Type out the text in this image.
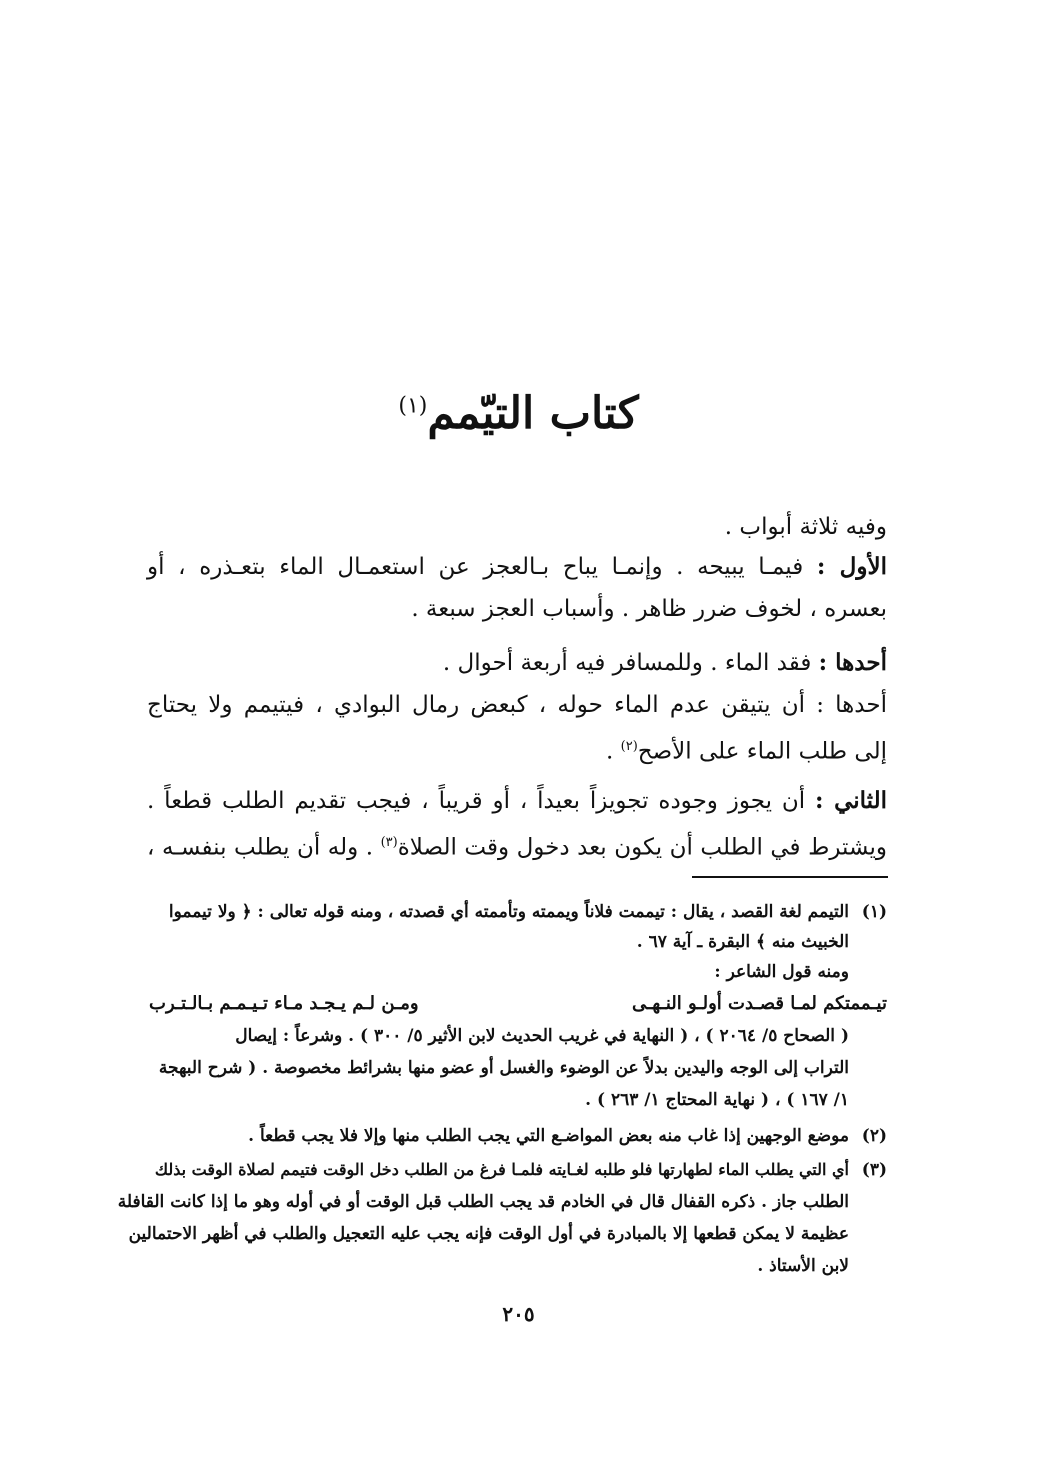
كتاب التيّمم$^{(١)}$
وفيه ثلاثة أبواب .
الأول : فيمـا يبيحه . وإنمـا يباح بـالعجز عن استعمـال الماء بتعـذره ، أو
بعسره ، لخوف ضرر ظاهر . وأسباب العجز سبعة .
أحدها : فقد الماء . وللمسافر فيه أربعة أحوال .
أحدها : أن يتيقن عدم الماء حوله ، كبعض رمال البوادي ، فيتيمم ولا يحتاج
إلى طلب الماء على الأصح$^{(٢)}$ .
الثاني : أن يجوز وجوده تجويزاً بعيداً ، أو قريباً ، فيجب تقديم الطلب قطعاً .
ويشترط في الطلب أن يكون بعد دخول وقت الصلاة$^{(٣)}$ . وله أن يطلب بنفسـه ،
(١)
التيمم لغة القصد ، يقال : تيممت فلاناً ويممته وتأممته أي قصدته ، ومنه قوله تعالى : ﴿ ولا تيمموا
الخبيث منه ﴾ البقرة ـ آية ٦٧ .
ومنه قول الشاعر :
تيـممتكم لمـا قصـدت أولـو النـهـى
ومـن لـم يـجـد مـاء تـيـمـم بـالـتـرب
( الصحاح ٥/ ٢٠٦٤ ) ، ( النهاية في غريب الحديث لابن الأثير ٥/ ٣٠٠ ) . وشرعاً : إيصال
التراب إلى الوجه واليدين بدلاً عن الوضوء والغسل أو عضو منها بشرائط مخصوصة . ( شرح البهجة
١/ ١٦٧ ) ، ( نهاية المحتاج ١/ ٢٦٣ ) .
(٢)
موضع الوجهين إذا غاب منه بعض المواضـع التي يجب الطلب منها وإلا فلا يجب قطعاً .
(٣)
أي التي يطلب الماء لطهارتها فلو طلبه لغـايته فلمـا فرغ من الطلب دخل الوقت فتيمم لصلاة الوقت بذلك
الطلب جاز . ذكره القفال قال في الخادم قد يجب الطلب قبل الوقت أو في أوله وهو ما إذا كانت القافلة
عظيمة لا يمكن قطعها إلا بالمبادرة في أول الوقت فإنه يجب عليه التعجيل والطلب في أظهر الاحتمالين
لابن الأستاذ .
٢٠٥
